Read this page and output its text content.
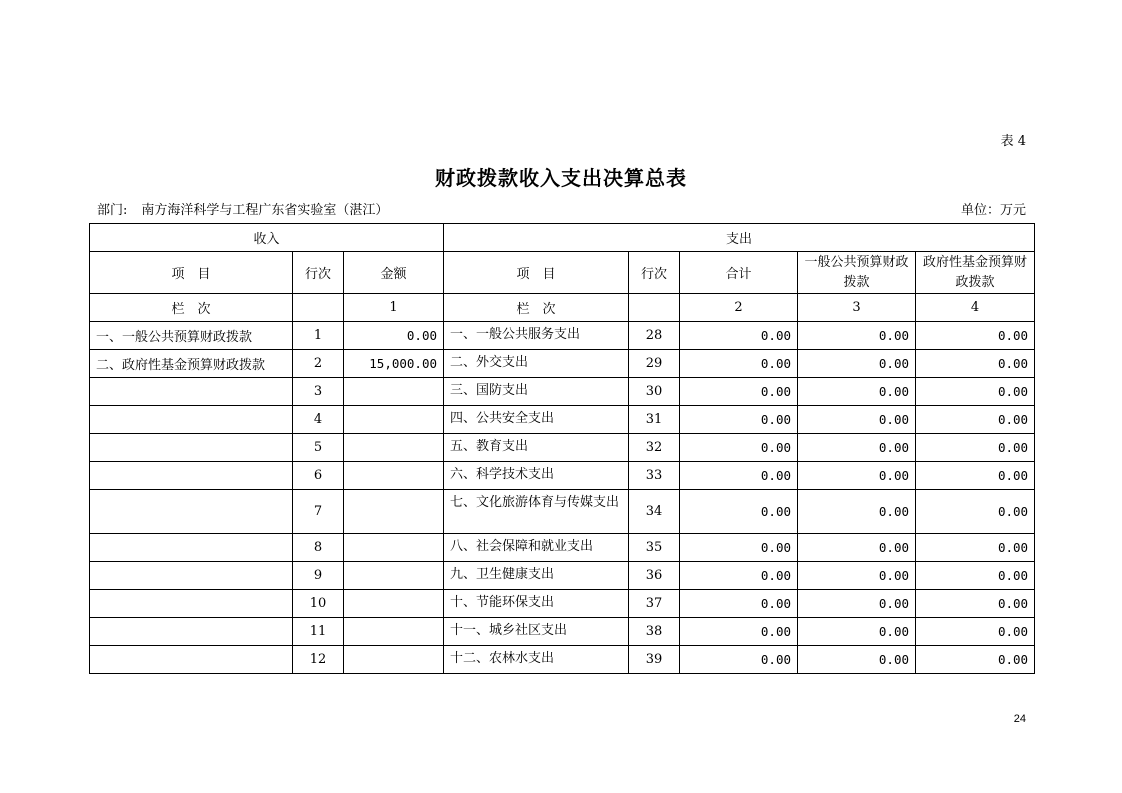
表 4
财政拨款收入支出决算总表
部门: 南方海洋科学与工程广东省实验室（湛江）	单位：万元
收入			支出				
项　目	行次	金额	项　目	行次	合计	一般公共预算财政拨款	政府性基金预算财政拨款
栏　次		1	栏　次		2	3	4
一、一般公共预算财政拨款	1	0.00	一、一般公共服务支出	28	0.00	0.00	0.00
二、政府性基金预算财政拨款	2	15,000.00	二、外交支出	29	0.00	0.00	0.00
	3		三、国防支出	30	0.00	0.00	0.00
	4		四、公共安全支出	31	0.00	0.00	0.00
	5		五、教育支出	32	0.00	0.00	0.00
	6		六、科学技术支出	33	0.00	0.00	0.00
	7		七、文化旅游体育与传媒支出	34	0.00	0.00	0.00
	8		八、社会保障和就业支出	35	0.00	0.00	0.00
	9		九、卫生健康支出	36	0.00	0.00	0.00
	10		十、节能环保支出	37	0.00	0.00	0.00
	11		十一、城乡社区支出	38	0.00	0.00	0.00
	12		十二、农林水支出	39	0.00	0.00	0.00
24
